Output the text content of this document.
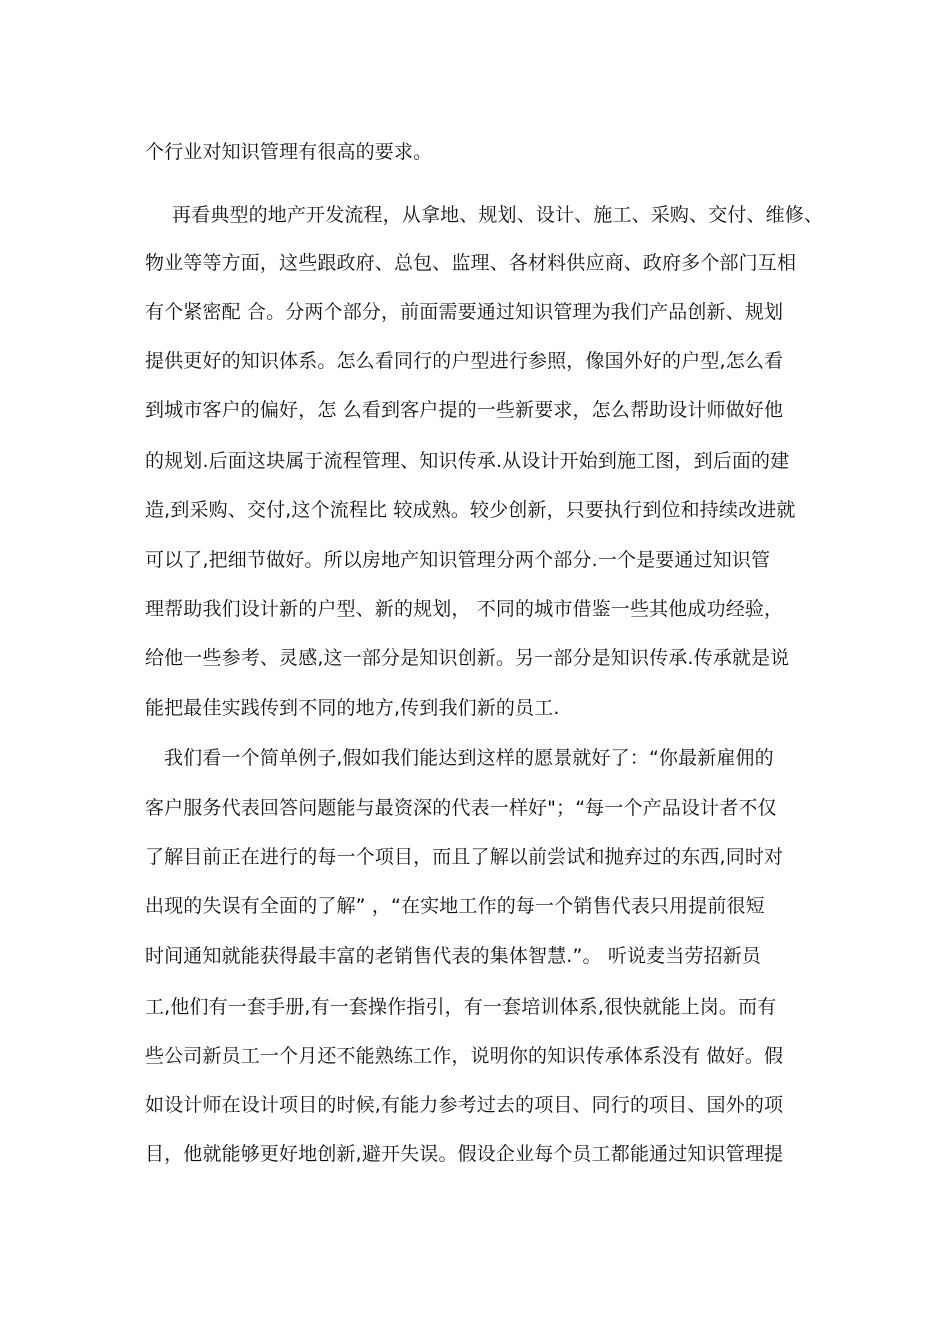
个行业对知识管理有很高的要求。

再看典型的地产开发流程，从拿地、规划、设计、施工、采购、交付、维修、

物业等等方面，这些跟政府、总包、监理、各材料供应商、政府多个部门互相

有个紧密配 合。分两个部分，前面需要通过知识管理为我们产品创新、规划

提供更好的知识体系。怎么看同行的户型进行参照，像国外好的户型,怎么看

到城市客户的偏好，怎 么看到客户提的一些新要求，怎么帮助设计师做好他

的规划.后面这块属于流程管理、知识传承.从设计开始到施工图，到后面的建

造,到采购、交付,这个流程比 较成熟。较少创新，只要执行到位和持续改进就

可以了,把细节做好。所以房地产知识管理分两个部分.一个是要通过知识管

理帮助我们设计新的户型、新的规划， 不同的城市借鉴一些其他成功经验，

给他一些参考、灵感,这一部分是知识创新。另一部分是知识传承.传承就是说

能把最佳实践传到不同的地方,传到我们新的员工.

我们看一个简单例子,假如我们能达到这样的愿景就好了：“你最新雇佣的

客户服务代表回答问题能与最资深的代表一样好"；“每一个产品设计者不仅

了解目前正在进行的每一个项目，而且了解以前尝试和抛弃过的东西,同时对

出现的失误有全面的了解” ，“在实地工作的每一个销售代表只用提前很短

时间通知就能获得最丰富的老销售代表的集体智慧.”。 听说麦当劳招新员

工,他们有一套手册,有一套操作指引，有一套培训体系,很快就能上岗。而有

些公司新员工一个月还不能熟练工作，说明你的知识传承体系没有 做好。假

如设计师在设计项目的时候,有能力参考过去的项目、同行的项目、国外的项

目，他就能够更好地创新,避开失误。假设企业每个员工都能通过知识管理提
